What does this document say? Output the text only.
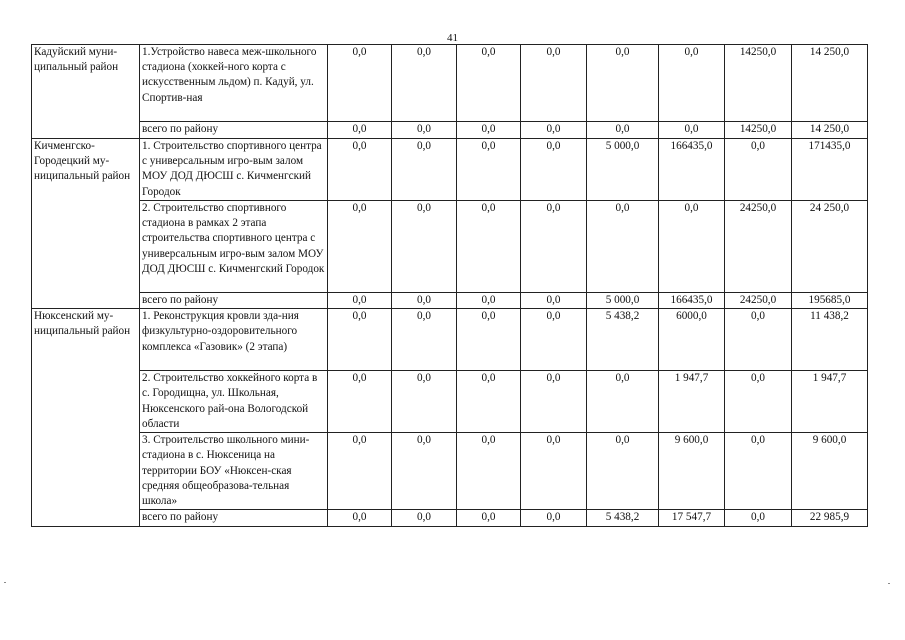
41
Кадуйский муни-ципальный район	1.Устройство навеса меж-школьного стадиона (хоккей-ного корта с искусственным льдом) п. Кадуй, ул. Спортив-ная	0,0	0,0	0,0	0,0	0,0	0,0	14250,0	14 250,0
	всего по району	0,0	0,0	0,0	0,0	0,0	0,0	14250,0	14 250,0
Кичменгско-Городецкий му-ниципальный район	1. Строительство спортивного центра с универсальным игро-вым залом МОУ ДОД ДЮСШ с. Кичменгский Городок	0,0	0,0	0,0	0,0	5 000,0	166435,0	0,0	171435,0
	2. Строительство спортивного стадиона в рамках 2 этапа строительства спортивного центра с универсальным игро-вым залом МОУ ДОД ДЮСШ с. Кичменгский Городок	0,0	0,0	0,0	0,0	0,0	0,0	24250,0	24 250,0
	всего по району	0,0	0,0	0,0	0,0	5 000,0	166435,0	24250,0	195685,0
Нюксенский му-ниципальный район	1. Реконструкция кровли зда-ния физкультурно-оздоровительного комплекса «Газовик» (2 этапа)	0,0	0,0	0,0	0,0	5 438,2	6000,0	0,0	11 438,2
	2. Строительство хоккейного корта в с. Городищна, ул. Школьная, Нюксенского рай-она Вологодской области	0,0	0,0	0,0	0,0	0,0	1 947,7	0,0	1 947,7
	3. Строительство школьного мини-стадиона в с. Нюксеница на территории БОУ «Нюксен-ская средняя общеобразова-тельная школа»	0,0	0,0	0,0	0,0	0,0	9 600,0	0,0	9 600,0
	всего по району	0,0	0,0	0,0	0,0	5 438,2	17 547,7	0,0	22 985,9
